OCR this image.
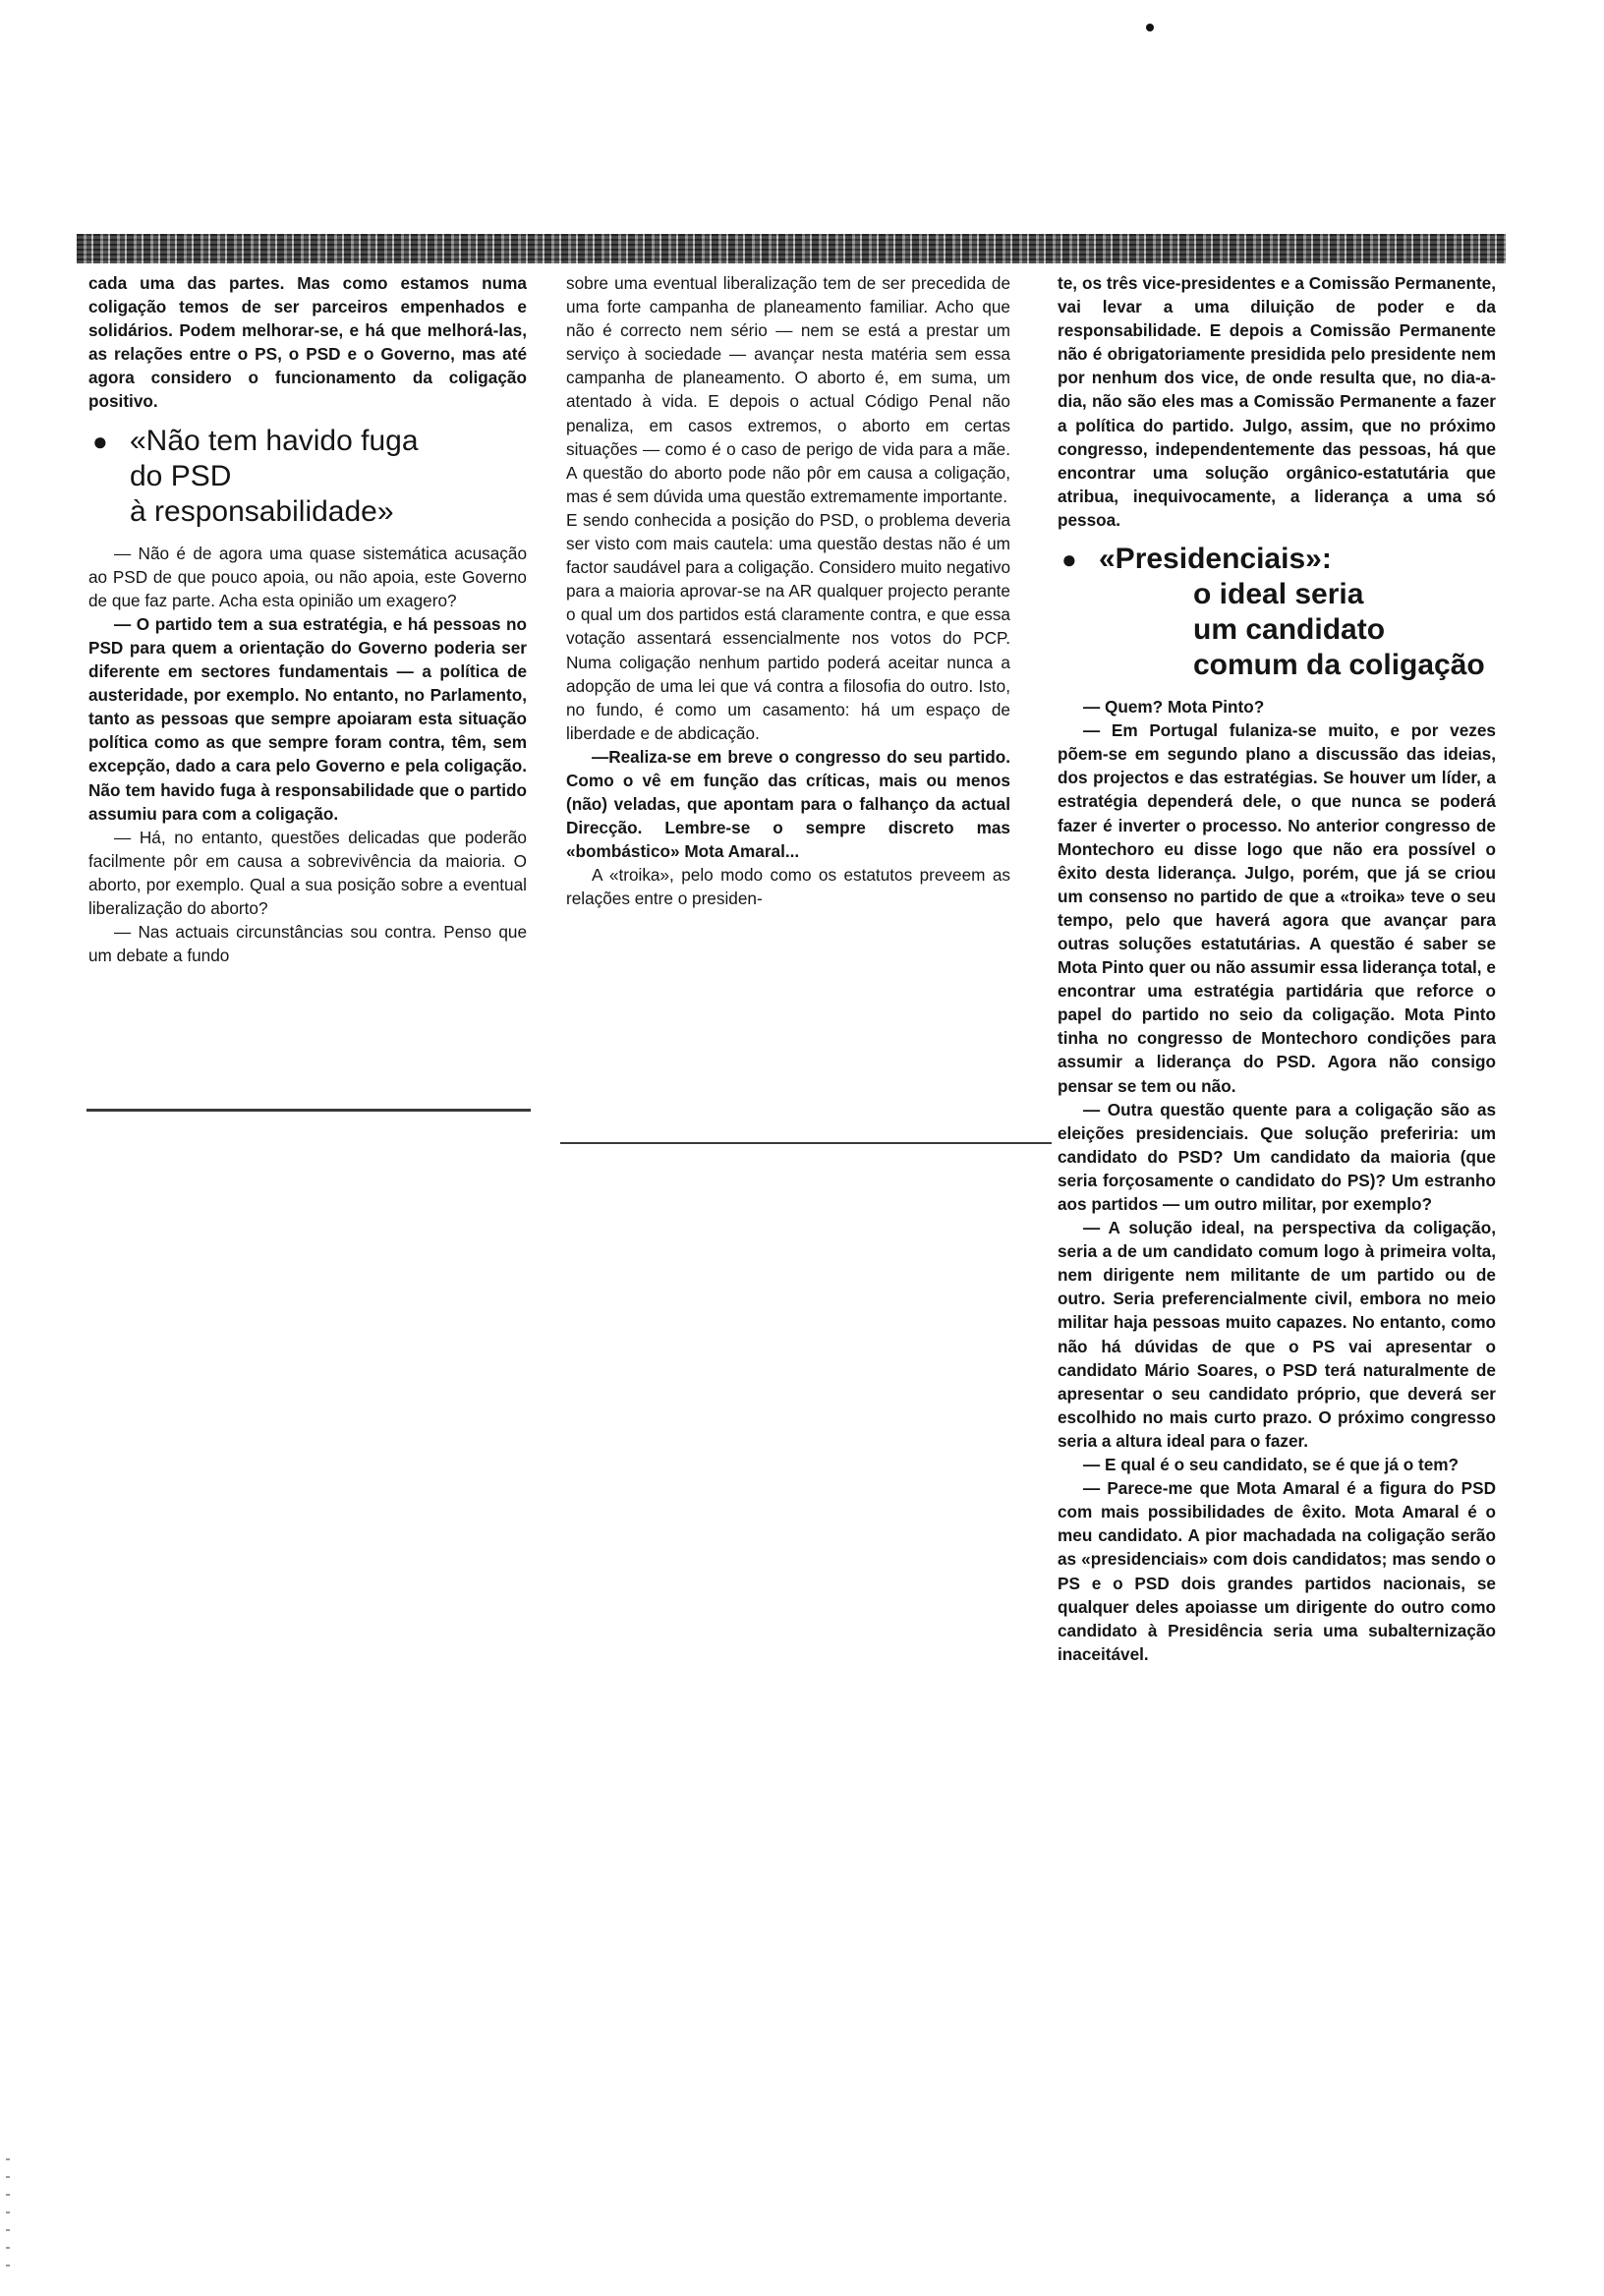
cada uma das partes. Mas como estamos numa coligação temos de ser parceiros empenhados e solidários. Podem melhorar-se, e há que melhorá-las, as relações entre o PS, o PSD e o Governo, mas até agora considero o funcionamento da coligação positivo.

● «Não tem havido fuga
do PSD
à responsabilidade»

— Não é de agora uma quase sistemática acusação ao PSD de que pouco apoia, ou não apoia, este Governo de que faz parte. Acha esta opinião um exagero?

— O partido tem a sua estratégia, e há pessoas no PSD para quem a orientação do Governo poderia ser diferente em sectores fundamentais — a política de austeridade, por exemplo. No entanto, no Parlamento, tanto as pessoas que sempre apoiaram esta situação política como as que sempre foram contra, têm, sem excepção, dado a cara pelo Governo e pela coligação. Não tem havido fuga à responsabilidade que o partido assumiu para com a coligação.

— Há, no entanto, questões delicadas que poderão facilmente pôr em causa a sobrevivência da maioria. O aborto, por exemplo. Qual a sua posição sobre a eventual liberalização do aborto?

— Nas actuais circunstâncias sou contra. Penso que um debate a fundo

sobre uma eventual liberalização tem de ser precedida de uma forte campanha de planeamento familiar. Acho que não é correcto nem sério — nem se está a prestar um serviço à sociedade — avançar nesta matéria sem essa campanha de planeamento. O aborto é, em suma, um atentado à vida. E depois o actual Código Penal não penaliza, em casos extremos, o aborto em certas situações — como é o caso de perigo de vida para a mãe. A questão do aborto pode não pôr em causa a coligação, mas é sem dúvida uma questão extremamente importante.

E sendo conhecida a posição do PSD, o problema deveria ser visto com mais cautela: uma questão destas não é um factor saudável para a coligação. Considero muito negativo para a maioria aprovar-se na AR qualquer projecto perante o qual um dos partidos está claramente contra, e que essa votação assentará essencialmente nos votos do PCP. Numa coligação nenhum partido poderá aceitar nunca a adopção de uma lei que vá contra a filosofia do outro. Isto, no fundo, é como um casamento: há um espaço de liberdade e de abdicação.

—Realiza-se em breve o congresso do seu partido. Como o vê em função das críticas, mais ou menos (não) veladas, que apontam para o falhanço da actual Direcção. Lembre-se o sempre discreto mas «bombástico» Mota Amaral...

A «troika», pelo modo como os estatutos preveem as relações entre o presiden-

te, os três vice-presidentes e a Comissão Permanente, vai levar a uma diluição de poder e da responsabilidade. E depois a Comissão Permanente não é obrigatoriamente presidida pelo presidente nem por nenhum dos vice, de onde resulta que, no dia-a-dia, não são eles mas a Comissão Permanente a fazer a política do partido. Julgo, assim, que no próximo congresso, independentemente das pessoas, há que encontrar uma solução orgânico-estatutária que atribua, inequivocamente, a liderança a uma só pessoa.

● «Presidenciais»:
o ideal seria
um candidato
comum da coligação

— Quem? Mota Pinto?

— Em Portugal fulaniza-se muito, e por vezes põem-se em segundo plano a discussão das ideias, dos projectos e das estratégias. Se houver um líder, a estratégia dependerá dele, o que nunca se poderá fazer é inverter o processo. No anterior congresso de Montechoro eu disse logo que não era possível o êxito desta liderança. Julgo, porém, que já se criou um consenso no partido de que a «troika» teve o seu tempo, pelo que haverá agora que avançar para outras soluções estatutárias. A questão é saber se Mota Pinto quer ou não assumir essa liderança total, e encontrar uma estratégia partidária que reforce o papel do partido no seio da coligação. Mota Pinto tinha no congresso de Montechoro condições para assumir a liderança do PSD. Agora não consigo pensar se tem ou não.

— Outra questão quente para a coligação são as eleições presidenciais. Que solução preferiria: um candidato do PSD? Um candidato da maioria (que seria forçosamente o candidato do PS)? Um estranho aos partidos — um outro militar, por exemplo?

— A solução ideal, na perspectiva da coligação, seria a de um candidato comum logo à primeira volta, nem dirigente nem militante de um partido ou de outro. Seria preferencialmente civil, embora no meio militar haja pessoas muito capazes. No entanto, como não há dúvidas de que o PS vai apresentar o candidato Mário Soares, o PSD terá naturalmente de apresentar o seu candidato próprio, que deverá ser escolhido no mais curto prazo. O próximo congresso seria a altura ideal para o fazer.

— E qual é o seu candidato, se é que já o tem?

— Parece-me que Mota Amaral é a figura do PSD com mais possibilidades de êxito. Mota Amaral é o meu candidato. A pior machadada na coligação serão as «presidenciais» com dois candidatos; mas sendo o PS e o PSD dois grandes partidos nacionais, se qualquer deles apoiasse um dirigente do outro como candidato à Presidência seria uma subalternização inaceitável.
